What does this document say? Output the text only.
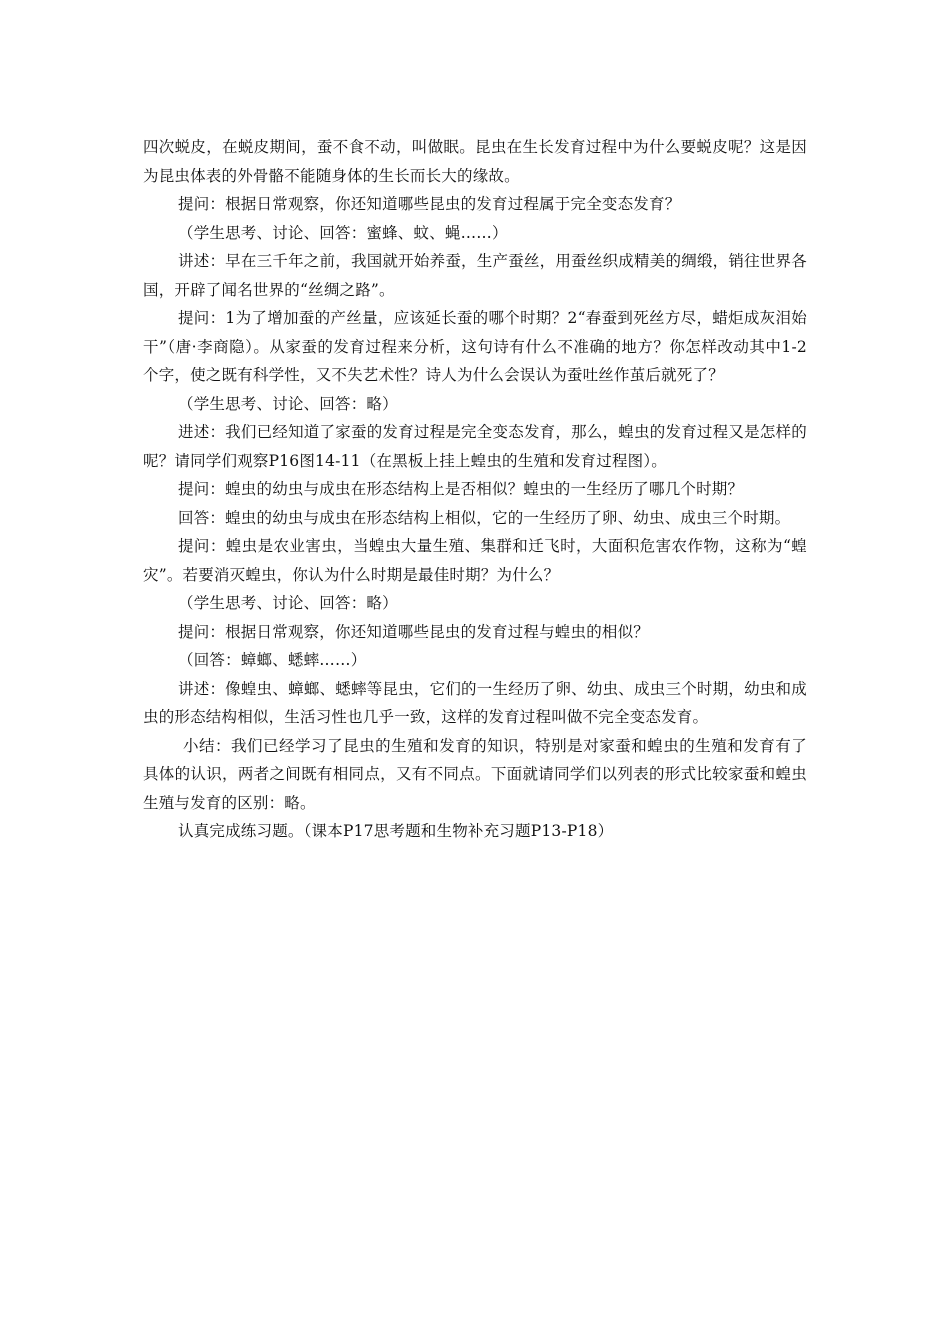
四次蜕皮，在蜕皮期间，蚕不食不动，叫做眠。昆虫在生长发育过程中为什么要蜕皮呢？这是因为昆虫体表的外骨骼不能随身体的生长而长大的缘故。

提问：根据日常观察，你还知道哪些昆虫的发育过程属于完全变态发育？

（学生思考、讨论、回答：蜜蜂、蚊、蝇……）

讲述：早在三千年之前，我国就开始养蚕，生产蚕丝，用蚕丝织成精美的绸缎，销往世界各国，开辟了闻名世界的“丝绸之路”。

提问：1为了增加蚕的产丝量，应该延长蚕的哪个时期？2“春蚕到死丝方尽，蜡炬成灰泪始干”（唐·李商隐）。从家蚕的发育过程来分析，这句诗有什么不准确的地方？你怎样改动其中1-2个字，使之既有科学性，又不失艺术性？诗人为什么会误认为蚕吐丝作茧后就死了？

（学生思考、讨论、回答：略）

进述：我们已经知道了家蚕的发育过程是完全变态发育，那么，蝗虫的发育过程又是怎样的呢？请同学们观察P16图14-11（在黑板上挂上蝗虫的生殖和发育过程图）。

提问：蝗虫的幼虫与成虫在形态结构上是否相似？蝗虫的一生经历了哪几个时期？

回答：蝗虫的幼虫与成虫在形态结构上相似，它的一生经历了卵、幼虫、成虫三个时期。

提问：蝗虫是农业害虫，当蝗虫大量生殖、集群和迁飞时，大面积危害农作物，这称为“蝗灾”。若要消灭蝗虫，你认为什么时期是最佳时期？为什么？

（学生思考、讨论、回答：略）

提问：根据日常观察，你还知道哪些昆虫的发育过程与蝗虫的相似？

（回答：蟑螂、蟋蟀……）

讲述：像蝗虫、蟑螂、蟋蟀等昆虫，它们的一生经历了卵、幼虫、成虫三个时期，幼虫和成虫的形态结构相似，生活习性也几乎一致，这样的发育过程叫做不完全变态发育。

小结：我们已经学习了昆虫的生殖和发育的知识，特别是对家蚕和蝗虫的生殖和发育有了具体的认识，两者之间既有相同点，又有不同点。下面就请同学们以列表的形式比较家蚕和蝗虫生殖与发育的区别：略。

认真完成练习题。（课本P17思考题和生物补充习题P13-P18）
